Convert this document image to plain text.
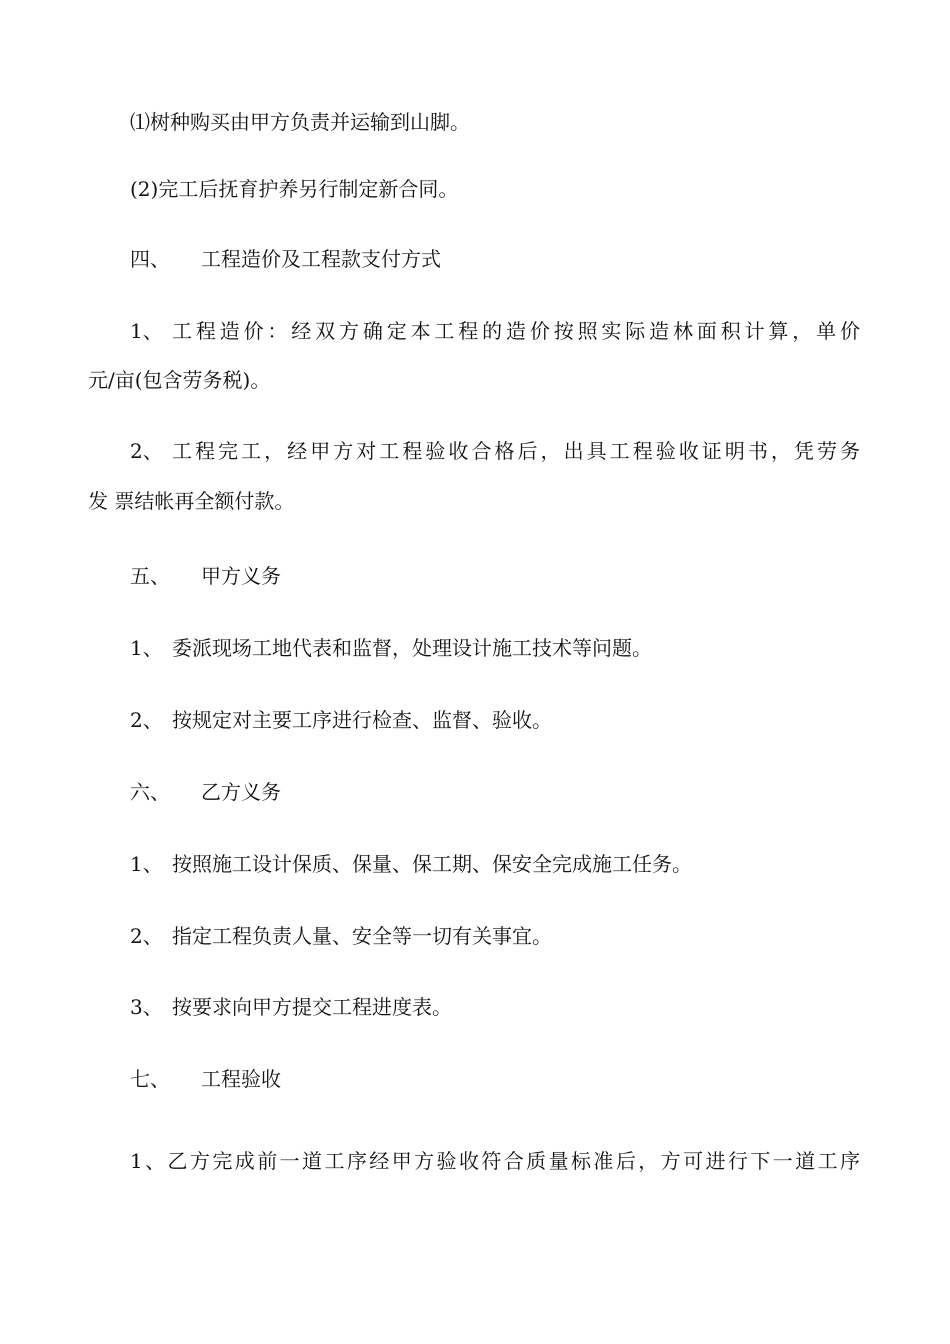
⑴树种购买由甲方负责并运输到山脚。
(2)完工后抚育护养另行制定新合同。
四、 工程造价及工程款支付方式
1、 工程造价：经双方确定本工程的造价按照实际造林面积计算，单价
元/亩(包含劳务税)。
2、 工程完工，经甲方对工程验收合格后，出具工程验收证明书，凭劳务
发 票结帐再全额付款。
五、 甲方义务
1、 委派现场工地代表和监督，处理设计施工技术等问题。
2、 按规定对主要工序进行检查、监督、验收。
六、 乙方义务
1、 按照施工设计保质、保量、保工期、保安全完成施工任务。
2、 指定工程负责人量、安全等一切有关事宜。
3、 按要求向甲方提交工程进度表。
七、 工程验收
1、乙方完成前一道工序经甲方验收符合质量标准后，方可进行下一道工序
